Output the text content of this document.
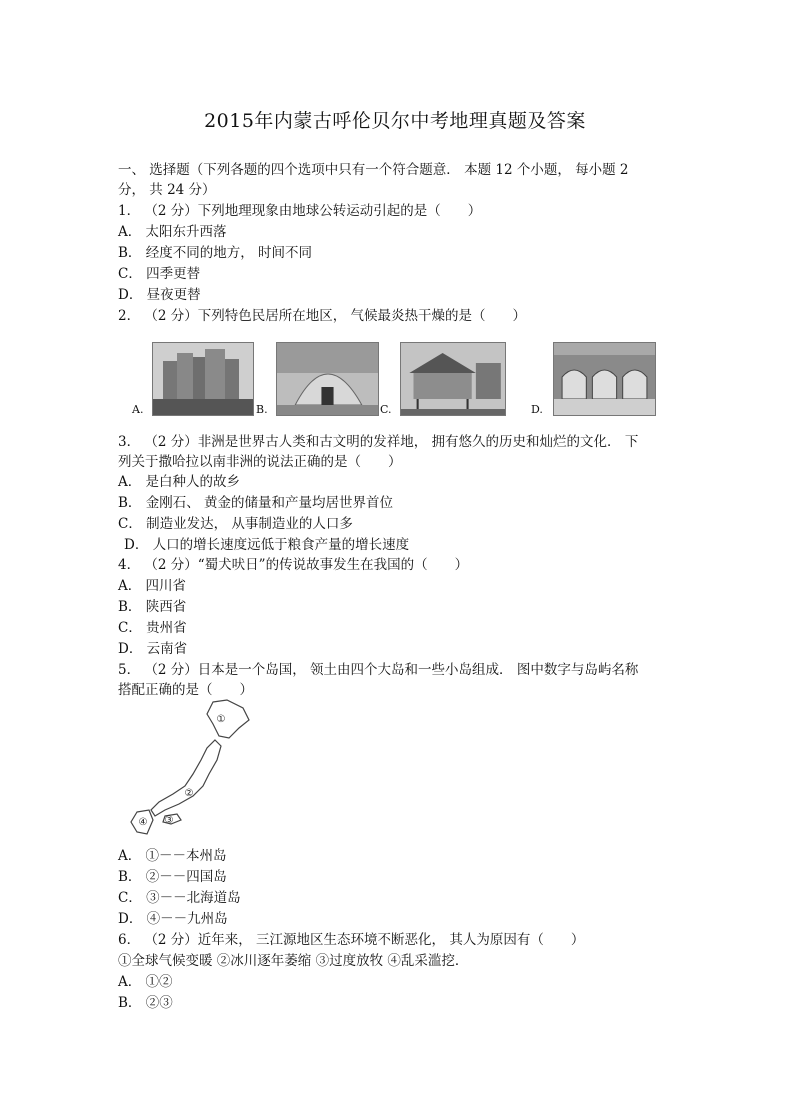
2015年内蒙古呼伦贝尔中考地理真题及答案
一、 选择题（下列各题的四个选项中只有一个符合题意． 本题 12 个小题， 每小题 2
分， 共 24 分）
1． （2 分）下列地理现象由地球公转运动引起的是（　　）
A． 太阳东升西落
B． 经度不同的地方， 时间不同
C． 四季更替
D． 昼夜更替
2． （2 分）下列特色民居所在地区， 气候最炎热干燥的是（　　）
A.	B.	C.	D.
3． （2 分）非洲是世界古人类和古文明的发祥地， 拥有悠久的历史和灿烂的文化． 下
列关于撒哈拉以南非洲的说法正确的是（　　）
A． 是白种人的故乡
B． 金刚石、 黄金的储量和产量均居世界首位
C． 制造业发达， 从事制造业的人口多
D． 人口的增长速度远低于粮食产量的增长速度
4． （2 分）“蜀犬吠日”的传说故事发生在我国的（　　）
A． 四川省
B． 陕西省
C． 贵州省
D． 云南省
5． （2 分）日本是一个岛国， 领土由四个大岛和一些小岛组成． 图中数字与岛屿名称
搭配正确的是（　　）
①
②
③
④
A． ①－－本州岛
B． ②－－四国岛
C． ③－－北海道岛
D． ④－－九州岛
6． （2 分）近年来， 三江源地区生态环境不断恶化， 其人为原因有（　　）
①全球气候变暖 ②冰川逐年萎缩 ③过度放牧 ④乱采滥挖．
A． ①②
B． ②③
